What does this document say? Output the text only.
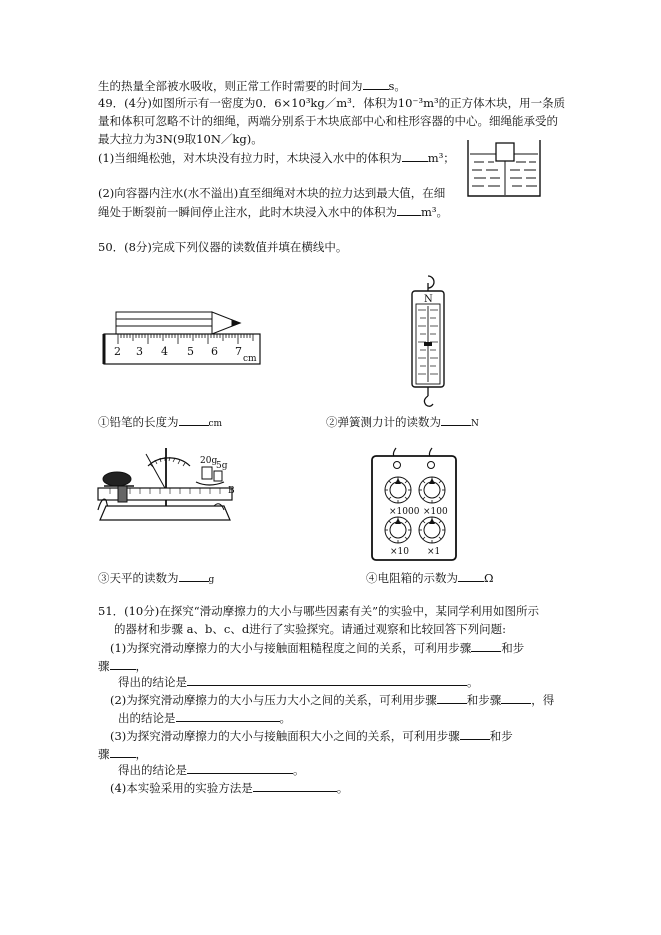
生的热量全部被水吸收，则正常工作时需要的时间为 s。
49．(4分)如图所示有一密度为0．6×10³kg／m³．体积为10⁻³m³的正方体木块，用一条质
量和体积可忽略不计的细绳，两端分别系于木块底部中心和柱形容器的中心。细绳能承受的
最大拉力为3N(9取10N／kg)。
(1)当细绳松弛，对木块没有拉力时，木块浸入水中的体积为 m³；
(2)向容器内注水(水不溢出)直至细绳对木块的拉力达到最大值，在细
绳处于断裂前一瞬间停止注水，此时木块浸入水中的体积为 m³。
50．(8分)完成下列仪器的读数值并填在横线中。
2 3 4 5 6 7
cm
N
①铅笔的长度为	cm	②弹簧测力计的读数为	N
20g
5g
B
×1000 ×100
×10 ×1
③天平的读数为	g	④电阻箱的示数为 Ω
51．(10分)在探究“滑动摩擦力的大小与哪些因素有关”的实验中，某同学利用如图所示
的器材和步骤 a、b、c、d进行了实验探究。请通过观察和比较回答下列问题:
(1)为探究滑动摩擦力的大小与接触面粗糙程度之间的关系，可利用步骤	和步
骤 ，
得出的结论是	。
(2)为探究滑动摩擦力的大小与压力大小之间的关系，可利用步骤	和步骤	，得
出的结论是	。
(3)为探究滑动摩擦力的大小与接触面积大小之间的关系，可利用步骤	和步
骤 ，
得出的结论是	。
(4)本实验采用的实验方法是	。
